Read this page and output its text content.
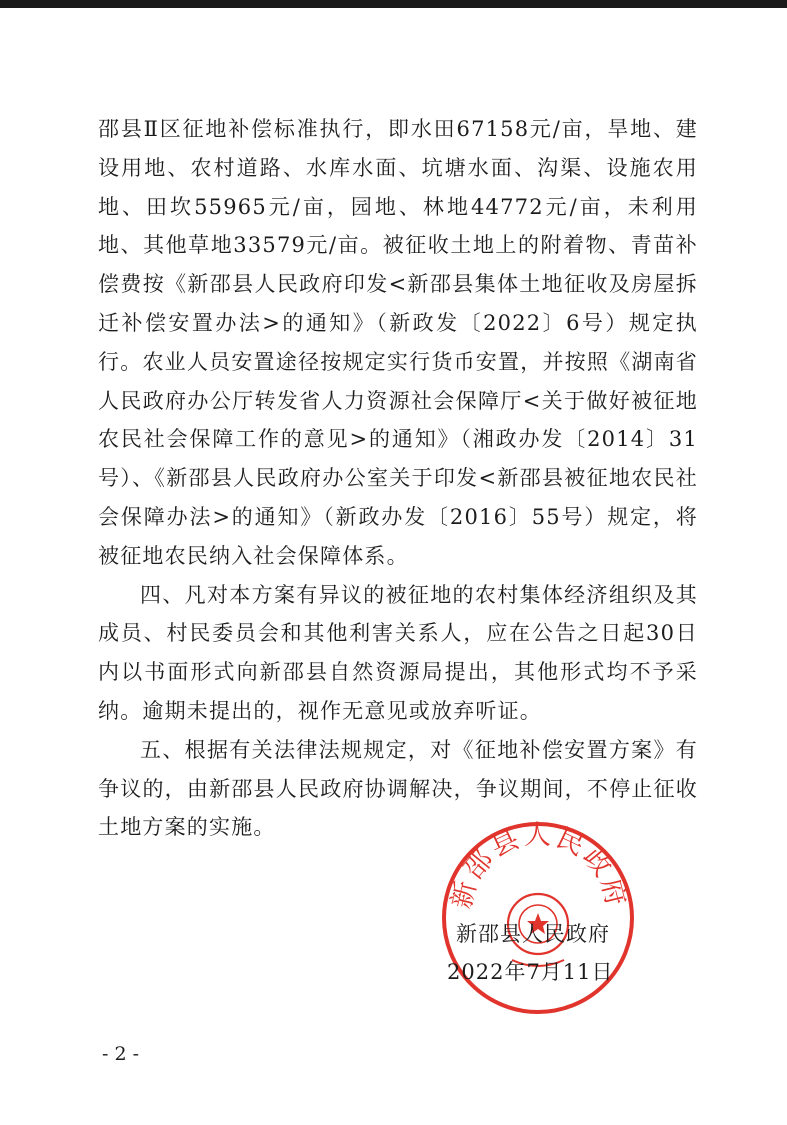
邵县Ⅱ区征地补偿标准执行，即水田67158元/亩，旱地、建设用地、农村道路、水库水面、坑塘水面、沟渠、设施农用地、田坎55965元/亩，园地、林地44772元/亩，未利用地、其他草地33579元/亩。被征收土地上的附着物、青苗补偿费按《新邵县人民政府印发<新邵县集体土地征收及房屋拆迁补偿安置办法>的通知》（新政发〔2022〕6号）规定执行。农业人员安置途径按规定实行货币安置，并按照《湖南省人民政府办公厅转发省人力资源社会保障厅<关于做好被征地农民社会保障工作的意见>的通知》（湘政办发〔2014〕31号）、《新邵县人民政府办公室关于印发<新邵县被征地农民社会保障办法>的通知》（新政办发〔2016〕55号）规定，将被征地农民纳入社会保障体系。

四、凡对本方案有异议的被征地的农村集体经济组织及其成员、村民委员会和其他利害关系人，应在公告之日起30日内以书面形式向新邵县自然资源局提出，其他形式均不予采纳。逾期未提出的，视作无意见或放弃听证。

五、根据有关法律法规规定，对《征地补偿安置方案》有争议的，由新邵县人民政府协调解决，争议期间，不停止征收土地方案的实施。

新邵县人民政府
新邵县人民政府
2022年7月11日
- 2 -
